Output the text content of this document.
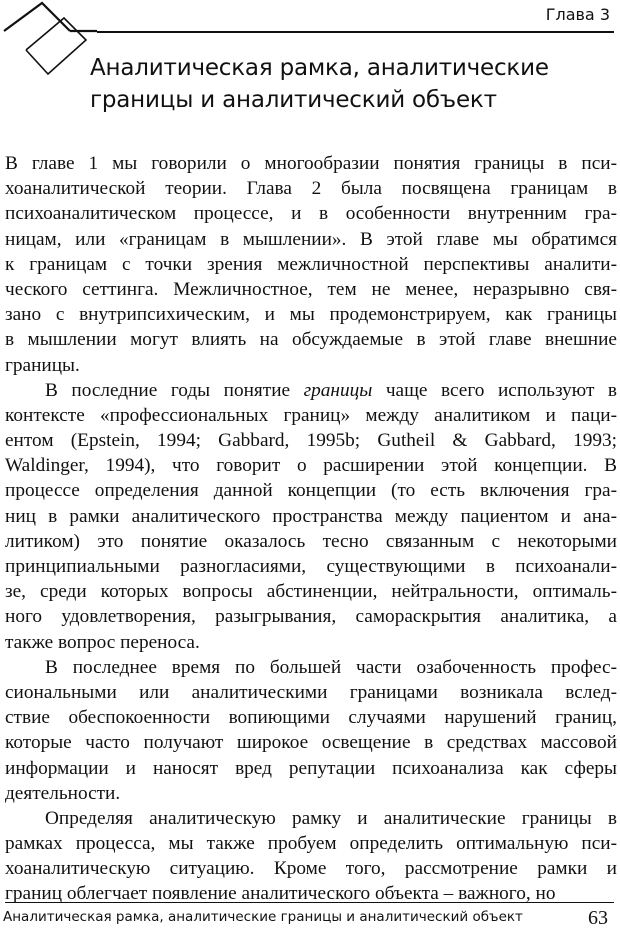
Глава 3
Аналитическая рамка, аналитические
границы и аналитический объект
В главе 1 мы говорили о многообразии понятия границы в пси-
хоаналитической теории. Глава 2 была посвящена границам в
психоаналитическом процессе, и в особенности внутренним гра-
ницам, или «границам в мышлении». В этой главе мы обратимся
к границам с точки зрения межличностной перспективы аналити-
ческого сеттинга. Межличностное, тем не менее, неразрывно свя-
зано с внутрипсихическим, и мы продемонстрируем, как границы
в мышлении могут влиять на обсуждаемые в этой главе внешние
границы.
В последние годы понятие границы чаще всего используют в
контексте «профессиональных границ» между аналитиком и паци-
ентом (Epstein, 1994; Gabbard, 1995b; Gutheil & Gabbard, 1993;
Waldinger, 1994), что говорит о расширении этой концепции. В
процессе определения данной концепции (то есть включения гра-
ниц в рамки аналитического пространства между пациентом и ана-
литиком) это понятие оказалось тесно связанным с некоторыми
принципиальными разногласиями, существующими в психоанали-
зе, среди которых вопросы абстиненции, нейтральности, оптималь-
ного удовлетворения, разыгрывания, самораскрытия аналитика, а
также вопрос переноса.
В последнее время по большей части озабоченность профес-
сиональными или аналитическими границами возникала вслед-
ствие обеспокоенности вопиющими случаями нарушений границ,
которые часто получают широкое освещение в средствах массовой
информации и наносят вред репутации психоанализа как сферы
деятельности.
Определяя аналитическую рамку и аналитические границы в
рамках процесса, мы также пробуем определить оптимальную пси-
хоаналитическую ситуацию. Кроме того, рассмотрение рамки и
границ облегчает появление аналитического объекта – важного, но
Аналитическая рамка, аналитические границы и аналитический объект	63
